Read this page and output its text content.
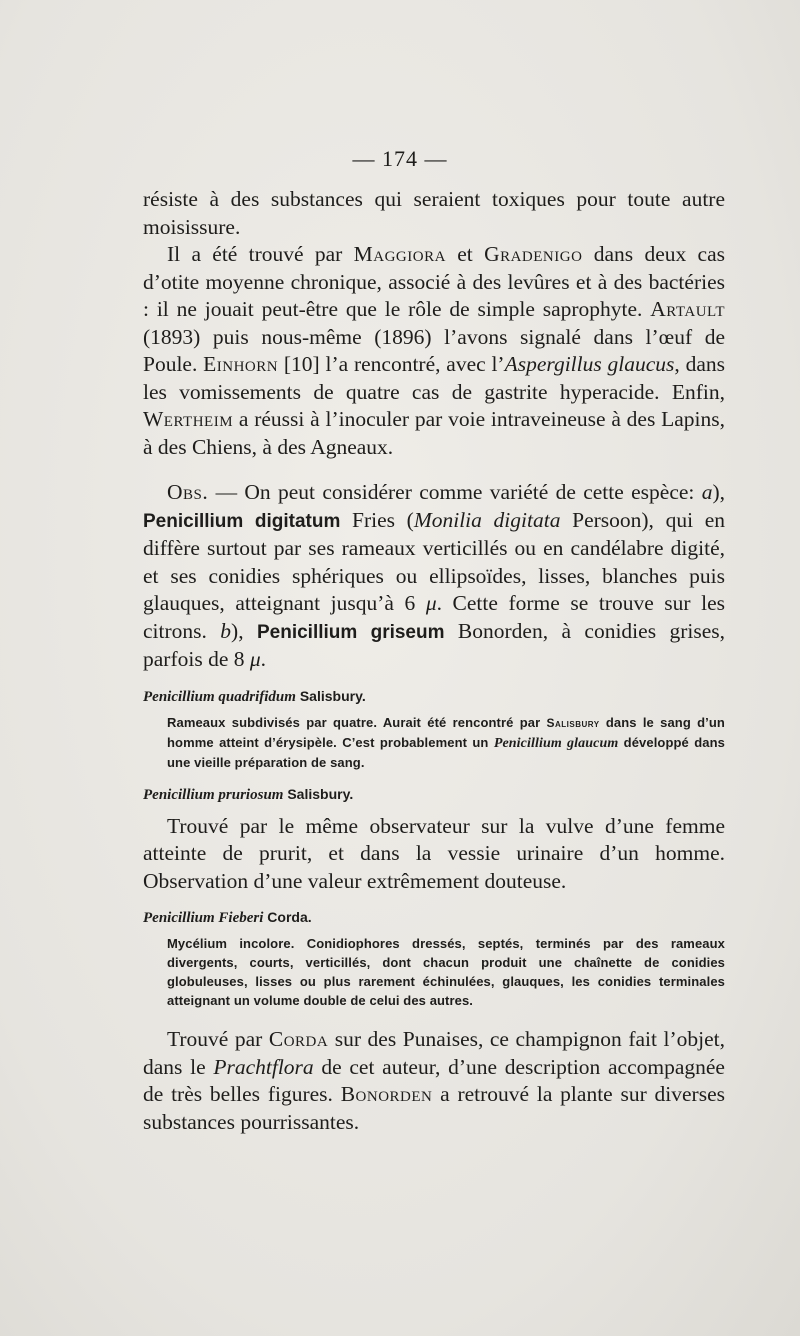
— 174 —

résiste à des substances qui seraient toxiques pour toute autre moisissure.

Il a été trouvé par Maggiora et Gradenigo dans deux cas d’otite moyenne chronique, associé à des levûres et à des bactéries : il ne jouait peut-être que le rôle de simple saprophyte. Artault (1893) puis nous-même (1896) l’avons signalé dans l’œuf de Poule. Einhorn [10] l’a rencontré, avec l’Aspergillus glaucus, dans les vomissements de quatre cas de gastrite hyperacide. Enfin, Wertheim a réussi à l’inoculer par voie intraveineuse à des Lapins, à des Chiens, à des Agneaux.

Obs. — On peut considérer comme variété de cette espèce: a), Penicillium digitatum Fries (Monilia digitata Persoon), qui en diffère surtout par ses rameaux verticillés ou en candélabre digité, et ses conidies sphériques ou ellipsoïdes, lisses, blanches puis glauques, atteignant jusqu’à 6 μ. Cette forme se trouve sur les citrons. b), Penicillium griseum Bonorden, à conidies grises, parfois de 8 μ.

Penicillium quadrifidum Salisbury.

Rameaux subdivisés par quatre. Aurait été rencontré par Salisbury dans le sang d’un homme atteint d’érysipèle. C’est probablement un Penicillium glaucum développé dans une vieille préparation de sang.

Penicillium pruriosum Salisbury.

Trouvé par le même observateur sur la vulve d’une femme atteinte de prurit, et dans la vessie urinaire d’un homme. Observation d’une valeur extrêmement douteuse.

Penicillium Fieberi Corda.

Mycélium incolore. Conidiophores dressés, septés, terminés par des rameaux divergents, courts, verticillés, dont chacun produit une chaînette de conidies globuleuses, lisses ou plus rarement échinulées, glauques, les conidies terminales atteignant un volume double de celui des autres.

Trouvé par Corda sur des Punaises, ce champignon fait l’objet, dans le Prachtflora de cet auteur, d’une description accompagnée de très belles figures. Bonorden a retrouvé la plante sur diverses substances pourrissantes.
